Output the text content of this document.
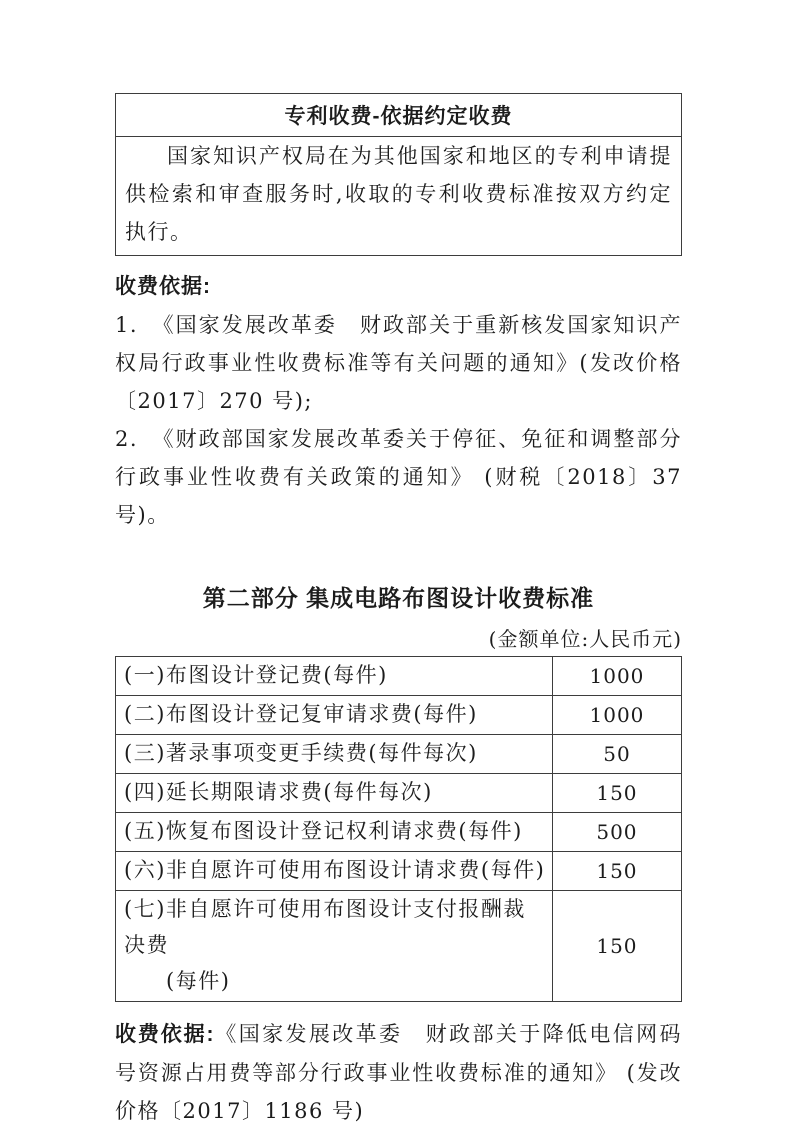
专利收费-依据约定收费

国家知识产权局在为其他国家和地区的专利申请提供检索和审查服务时,收取的专利收费标准按双方约定执行。

收费依据:

1. 《国家发展改革委　财政部关于重新核发国家知识产权局行政事业性收费标准等有关问题的通知》(发改价格〔2017〕270 号);

2. 《财政部国家发展改革委关于停征、免征和调整部分行政事业性收费有关政策的通知》 (财税〔2018〕37 号)。

第二部分 集成电路布图设计收费标准

(金额单位:人民币元)

(一)布图设计登记费(每件)	1000
(二)布图设计登记复审请求费(每件)	1000
(三)著录事项变更手续费(每件每次)	50
(四)延长期限请求费(每件每次)	150
(五)恢复布图设计登记权利请求费(每件)	500
(六)非自愿许可使用布图设计请求费(每件)	150
(七)非自愿许可使用布图设计支付报酬裁决费
(每件)	150

收费依据:《国家发展改革委　财政部关于降低电信网码号资源占用费等部分行政事业性收费标准的通知》 (发改价格〔2017〕1186 号)
